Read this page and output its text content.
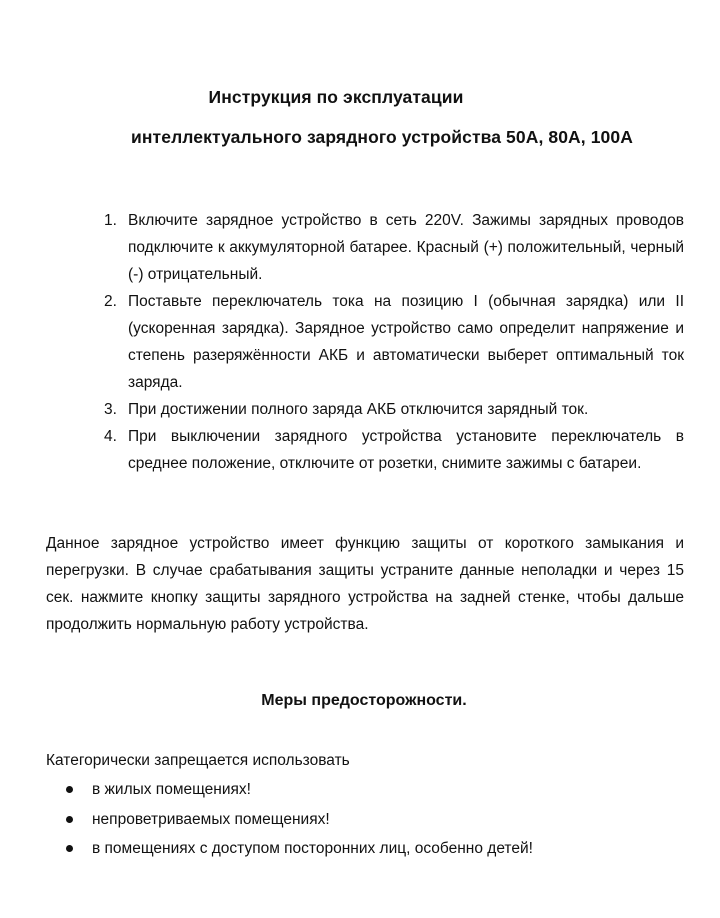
Инструкция по эксплуатации
интеллектуального зарядного устройства 50А, 80А, 100А
1. Включите зарядное устройство в сеть 220V. Зажимы зарядных проводов подключите к аккумуляторной батарее. Красный (+) положительный, черный (-) отрицательный.
2. Поставьте переключатель тока на позицию I (обычная зарядка) или II (ускоренная зарядка). Зарядное устройство само определит напряжение и степень разеряжённости АКБ и автоматически выберет оптимальный ток заряда.
3. При достижении полного заряда АКБ отключится зарядный ток.
4. При выключении зарядного устройства установите переключатель в среднее положение, отключите от розетки, снимите зажимы с батареи.

Данное зарядное устройство имеет функцию защиты от короткого замыкания и перегрузки. В случае срабатывания защиты устраните данные неполадки и через 15 сек. нажмите кнопку защиты зарядного устройства на задней стенке, чтобы дальше продолжить нормальную работу устройства.

Меры предосторожности.

Категорически запрещается использовать

в жилых помещениях!
непроветриваемых помещениях!
в помещениях с доступом посторонних лиц, особенно детей!
